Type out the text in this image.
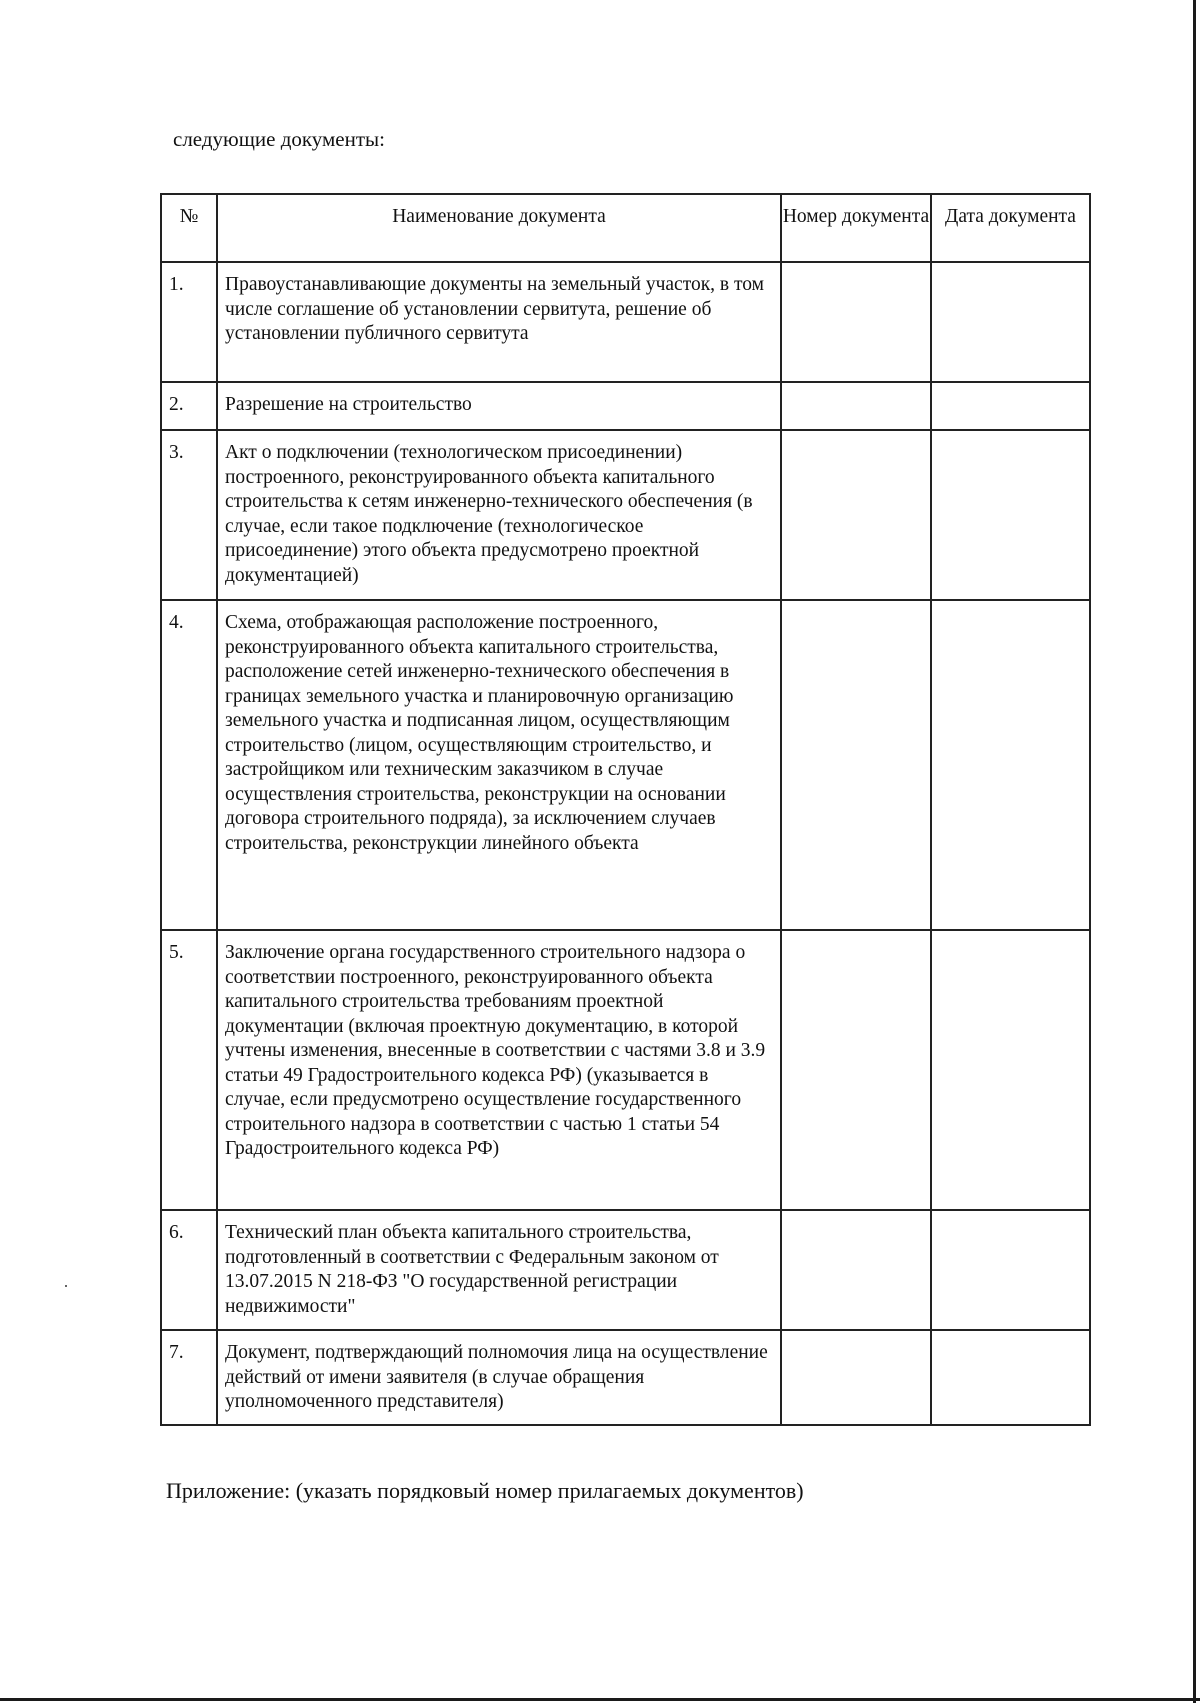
следующие документы:

№	Наименование документа	Номер документа	Дата документа
1.	Правоустанавливающие документы на земельный участок, в том числе соглашение об установлении сервитута, решение об установлении публичного сервитута		
2.	Разрешение на строительство		
3.	Акт о подключении (технологическом присоединении) построенного, реконструированного объекта капитального строительства к сетям инженерно-технического обеспечения (в случае, если такое подключение (технологическое присоединение) этого объекта предусмотрено проектной документацией)		
4.	Схема, отображающая расположение построенного, реконструированного объекта капитального строительства, расположение сетей инженерно-технического обеспечения в границах земельного участка и планировочную организацию земельного участка и подписанная лицом, осуществляющим строительство (лицом, осуществляющим строительство, и застройщиком или техническим заказчиком в случае осуществления строительства, реконструкции на основании договора строительного подряда), за исключением случаев строительства, реконструкции линейного объекта		
5.	Заключение органа государственного строительного надзора о соответствии построенного, реконструированного объекта капитального строительства требованиям проектной документации (включая проектную документацию, в которой учтены изменения, внесенные в соответствии с частями 3.8 и 3.9 статьи 49 Градостроительного кодекса РФ) (указывается в случае, если предусмотрено осуществление государственного строительного надзора в соответствии с частью 1 статьи 54 Градостроительного кодекса РФ)		
6.	Технический план объекта капитального строительства, подготовленный в соответствии с Федеральным законом от 13.07.2015 N 218-ФЗ "О государственной регистрации недвижимости"		
7.	Документ, подтверждающий полномочия лица на осуществление действий от имени заявителя (в случае обращения уполномоченного представителя)		

Приложение: (указать порядковый номер прилагаемых документов)
